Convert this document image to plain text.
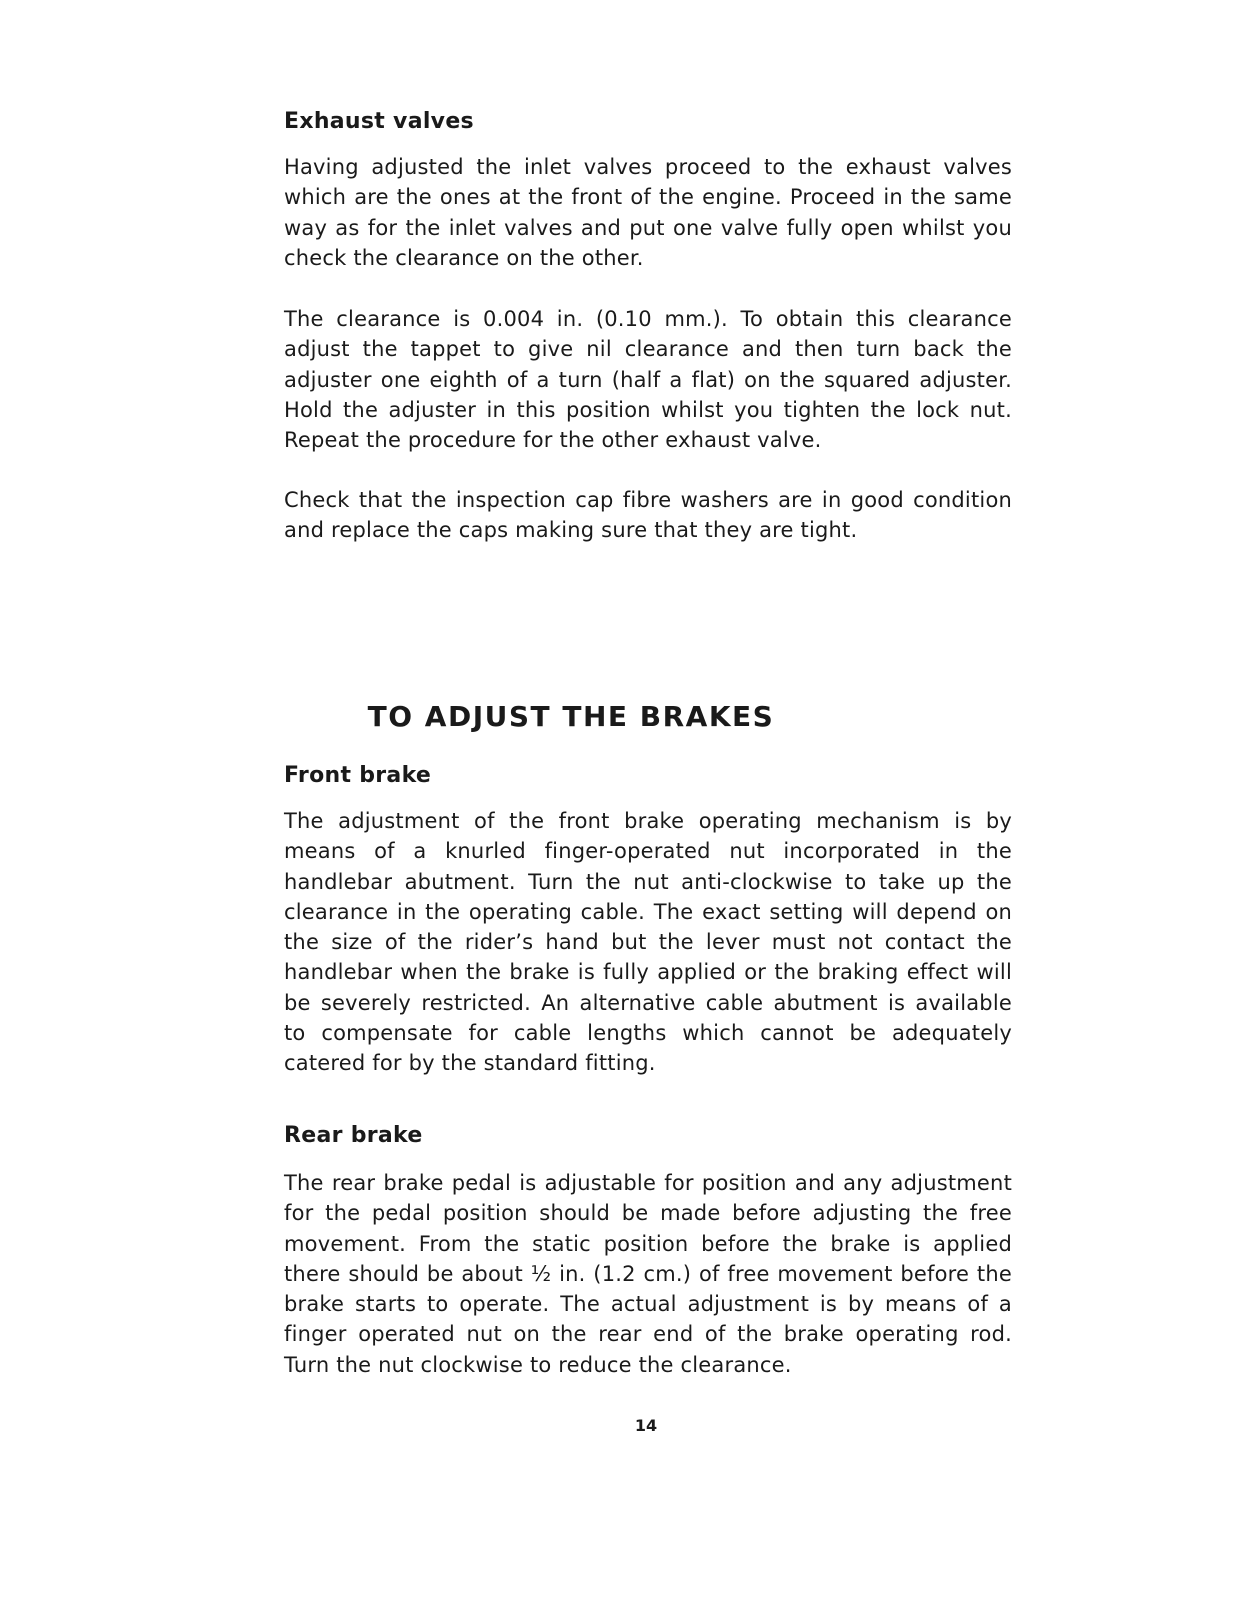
Exhaust valves

Having adjusted the inlet valves proceed to the exhaust valves which are the ones at the front of the engine. Proceed in the same way as for the inlet valves and put one valve fully open whilst you check the clearance on the other.

The clearance is 0.004 in. (0.10 mm.). To obtain this clearance adjust the tappet to give nil clearance and then turn back the adjuster one eighth of a turn (half a flat) on the squared adjuster. Hold the adjuster in this position whilst you tighten the lock nut. Repeat the procedure for the other exhaust valve.

Check that the inspection cap fibre washers are in good condition and replace the caps making sure that they are tight.

TO ADJUST THE BRAKES
Front brake

The adjustment of the front brake operating mechanism is by means of a knurled finger-operated nut incorporated in the handlebar abutment. Turn the nut anti-clockwise to take up the clearance in the operating cable. The exact setting will depend on the size of the rider’s hand but the lever must not contact the handlebar when the brake is fully applied or the braking effect will be severely restricted. An alternative cable abutment is available to compensate for cable lengths which cannot be adequately catered for by the standard fitting.

Rear brake

The rear brake pedal is adjustable for position and any adjustment for the pedal position should be made before adjusting the free movement. From the static position before the brake is applied there should be about ½ in. (1.2 cm.) of free movement before the brake starts to operate. The actual adjustment is by means of a finger operated nut on the rear end of the brake operating rod. Turn the nut clockwise to reduce the clearance.

14
